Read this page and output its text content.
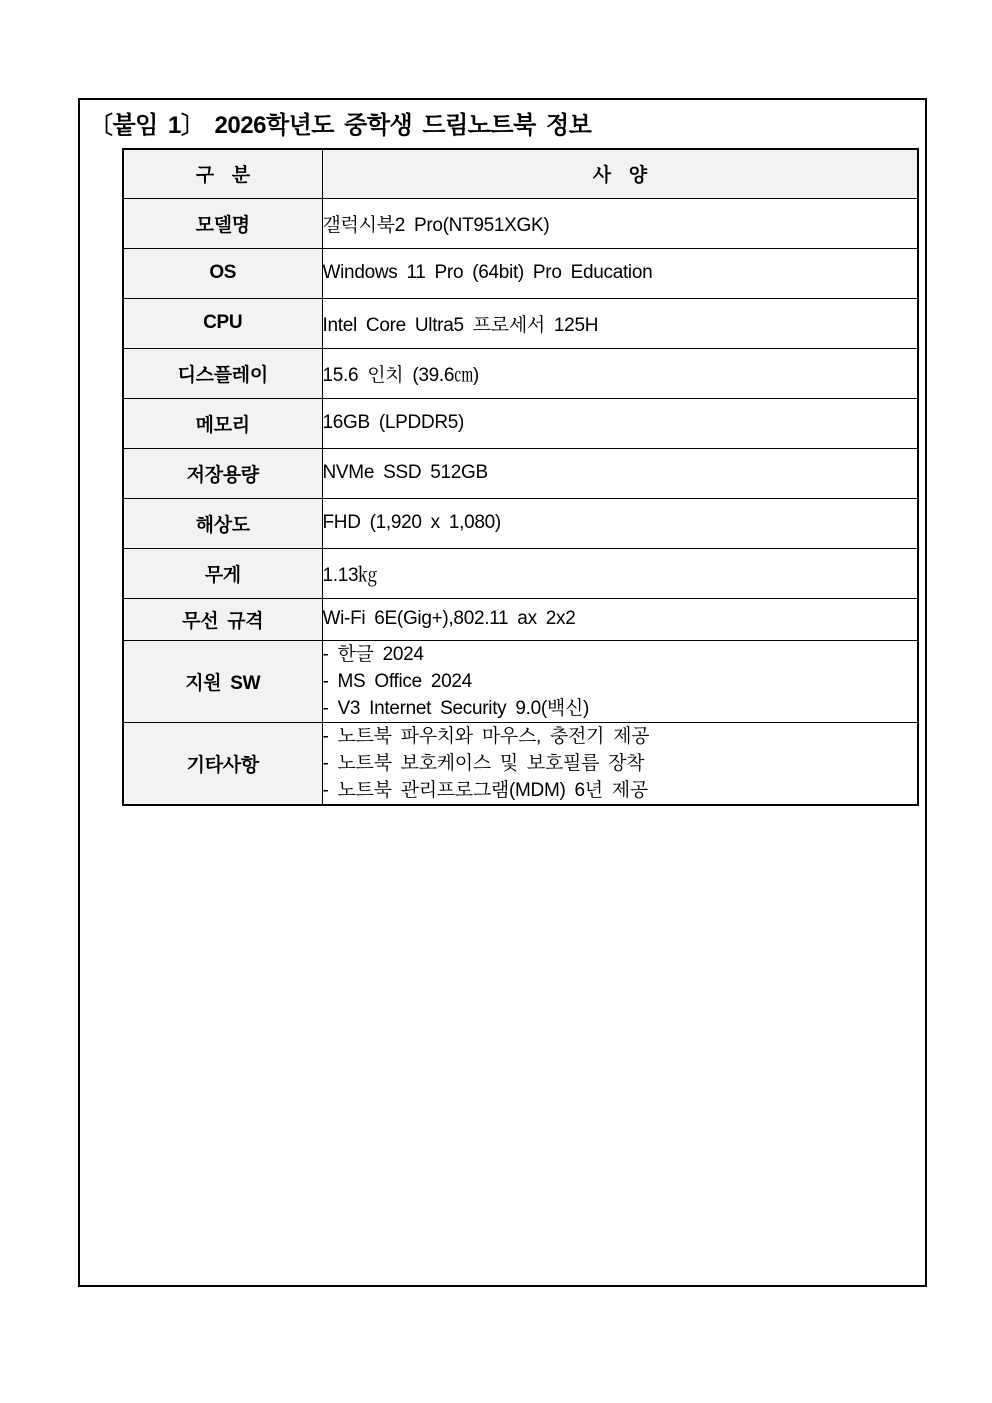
〔붙임 1〕 2026학년도 중학생 드림노트북 정보
구  분	사  양
모델명	갤럭시북2 Pro(NT951XGK)
OS	Windows 11 Pro (64bit) Pro Education
CPU	Intel Core Ultra5 프로세서 125H
디스플레이	15.6 인치 (39.6㎝)
메모리	16GB (LPDDR5)
저장용량	NVMe SSD 512GB
해상도	FHD (1,920 x 1,080)
무게	1.13㎏
무선 규격	Wi-Fi 6E(Gig+),802.11 ax 2x2
지원 SW	- 한글 2024
- MS Office 2024
- V3 Internet Security 9.0(백신)

기타사항	- 노트북 파우치와 마우스, 충전기 제공
- 노트북 보호케이스 및 보호필름 장착
- 노트북 관리프로그램(MDM) 6년 제공
